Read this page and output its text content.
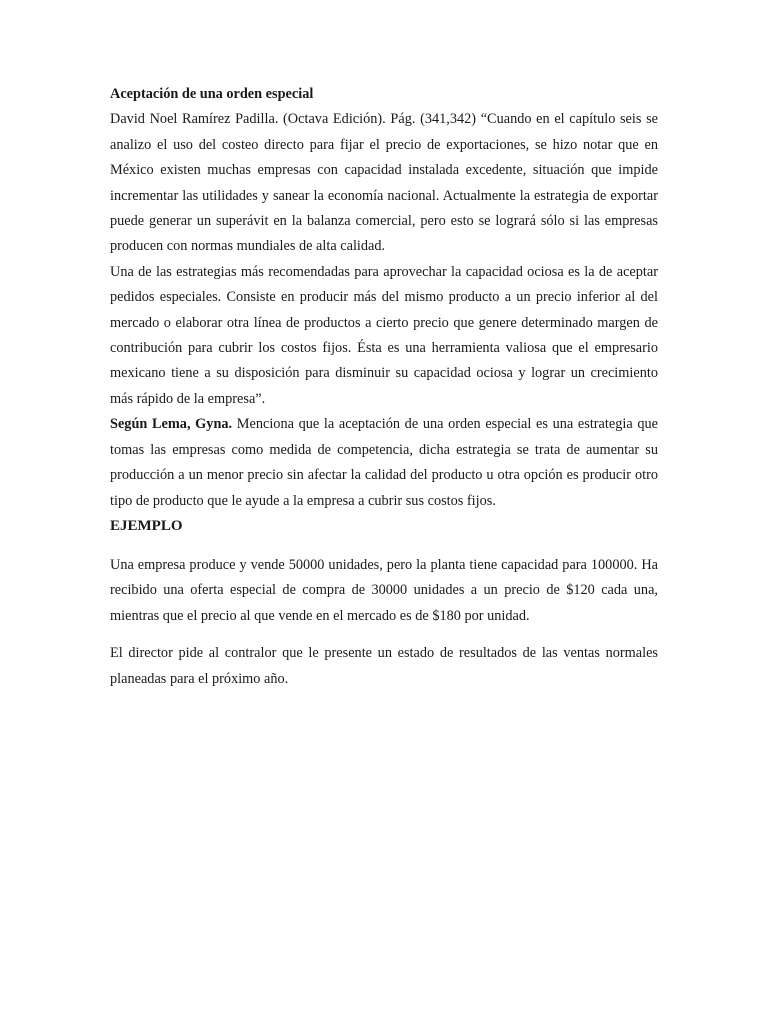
Aceptación de una orden especial

David Noel Ramírez Padilla. (Octava Edición). Pág. (341,342) “Cuando en el capítulo seis se analizo el uso del costeo directo para fijar el precio de exportaciones, se hizo notar que en México existen muchas empresas con capacidad instalada excedente, situación que impide incrementar las utilidades y sanear la economía nacional. Actualmente la estrategia de exportar puede generar un superávit en la balanza comercial, pero esto se logrará sólo si las empresas producen con normas mundiales de alta calidad.

Una de las estrategias más recomendadas para aprovechar la capacidad ociosa es la de aceptar pedidos especiales. Consiste en producir más del mismo producto a un precio inferior al del mercado o elaborar otra línea de productos a cierto precio que genere determinado margen de contribución para cubrir los costos fijos. Ésta es una herramienta valiosa que el empresario mexicano tiene a su disposición para disminuir su capacidad ociosa y lograr un crecimiento más rápido de la empresa”.

Según Lema, Gyna. Menciona que la aceptación de una orden especial es una estrategia que tomas las empresas como medida de competencia, dicha estrategia se trata de aumentar su producción a un menor precio sin afectar la calidad del producto u otra opción es producir otro tipo de producto que le ayude a la empresa a cubrir sus costos fijos.

EJEMPLO

Una empresa produce y vende 50000 unidades, pero la planta tiene capacidad para 100000. Ha recibido una oferta especial de compra de 30000 unidades a un precio de $120 cada una, mientras que el precio al que vende en el mercado es de $180 por unidad.

El director pide al contralor que le presente un estado de resultados de las ventas normales planeadas para el próximo año.
